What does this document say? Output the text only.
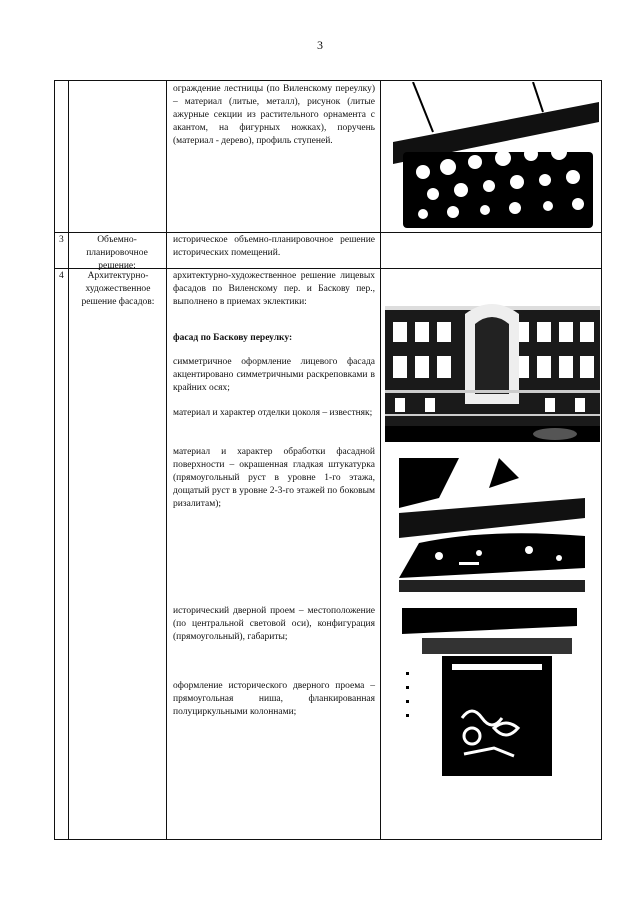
3
ограждение лестницы (по Виленскому переулку) – материал (литые, металл), рисунок (литые ажурные секции из растительного орнамента с акантом, на фигурных ножках), поручень (материал - дерево), профиль ступеней.
3	Объемно-планировочное решение:
историческое объемно-планировочное решение исторических помещений.
4	Архитектурно-художественное решение фасадов:
архитектурно-художественное решение лицевых фасадов по Виленскому пер. и Баскову пер., выполнено в приемах эклектики:
фасад по Баскову переулку:
симметричное оформление лицевого фасада акцентировано симметричными раскреповками в крайних осях;
материал и характер отделки цоколя – известняк;
материал и характер обработки фасадной поверхности – окрашенная гладкая штукатурка (прямоугольный руст в уровне 1-го этажа, дощатый руст в уровне 2-3-го этажей по боковым ризалитам);
исторический дверной проем – местоположение (по центральной световой оси), конфигурация (прямоугольный), габариты;
оформление исторического дверного проема – прямоугольная ниша, фланкированная полуциркульными колоннами;
